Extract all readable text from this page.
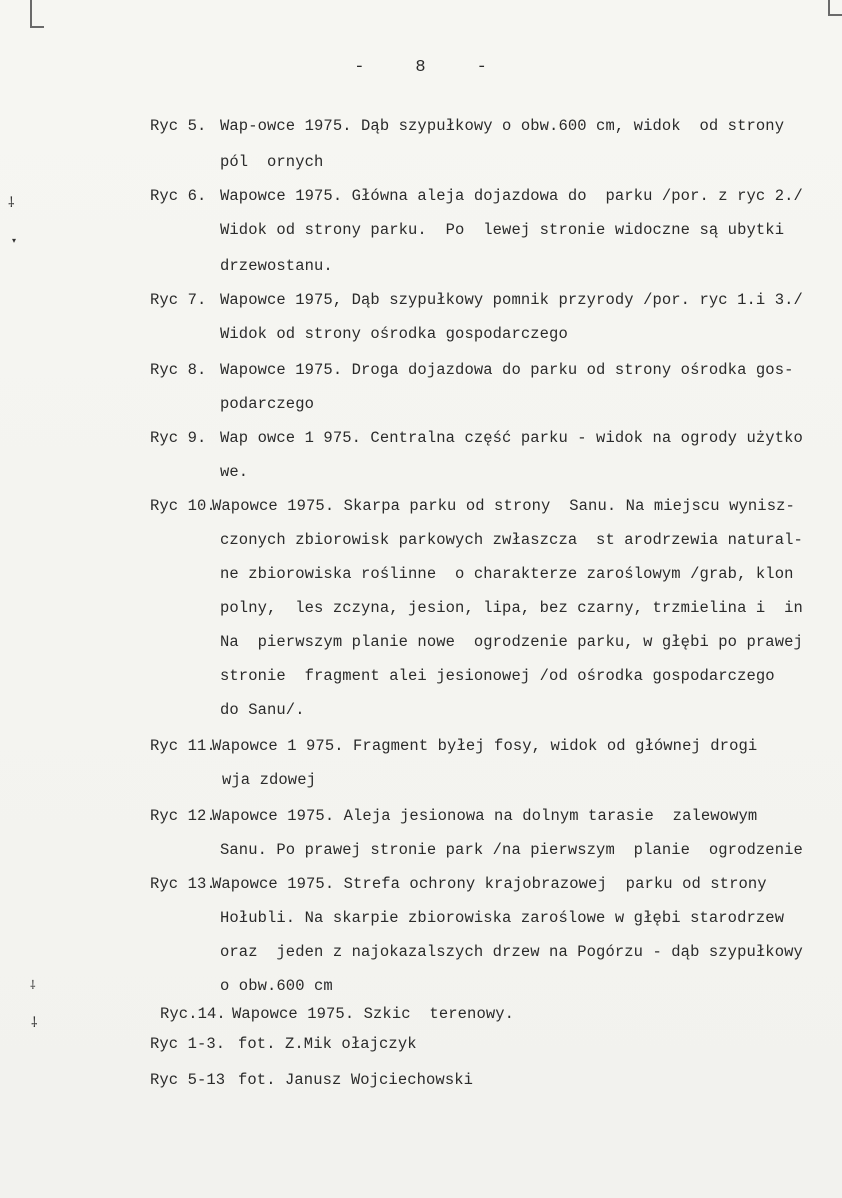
⸸
▾
⸸
⸸
-	8	-
Ryc 5. Wap-owce 1975. Dąb szypułkowy o obw.600 cm, widok  od strony
pól  ornych
Ryc 6. Wapowce 1975. Główna aleja dojazdowa do  parku /por. z ryc 2./
Widok od strony parku.  Po  lewej stronie widoczne są ubytki
drzewostanu.
Ryc 7. Wapowce 1975, Dąb szypułkowy pomnik przyrody /por. ryc 1.i 3./
Widok od strony ośrodka gospodarczego
Ryc 8. Wapowce 1975. Droga dojazdowa do parku od strony ośrodka gos-
podarczego
Ryc 9. Wap owce 1 975. Centralna część parku - widok na ogrody użytko
we.
Ryc 10.
Wapowce 1975. Skarpa parku od strony  Sanu. Na miejscu wynisz-
czonych zbiorowisk parkowych zwłaszcza  st arodrzewia natural-
ne zbiorowiska roślinne  o charakterze zaroślowym /grab, klon
polny,  les zczyna, jesion, lipa, bez czarny, trzmielina i  in
Na  pierwszym planie nowe  ogrodzenie parku, w głębi po prawej
stronie  fragment alei jesionowej /od ośrodka gospodarczego
do Sanu/.
Ryc 11.
Wapowce 1 975. Fragment byłej fosy, widok od głównej drogi
wja zdowej
Ryc 12.
Wapowce 1975. Aleja jesionowa na dolnym tarasie  zalewowym
Sanu. Po prawej stronie park /na pierwszym  planie  ogrodzenie
Ryc 13.
Wapowce 1975. Strefa ochrony krajobrazowej  parku od strony
Hołubli. Na skarpie zbiorowiska zaroślowe w głębi starodrzew
oraz  jeden z najokazalszych drzew na Pogórzu - dąb szypułkowy
o obw.600 cm
Ryc.14. Wapowce 1975. Szkic  terenowy.
Ryc 1-3. fot. Z.Mik ołajczyk
Ryc 5-13 fot. Janusz Wojciechowski
